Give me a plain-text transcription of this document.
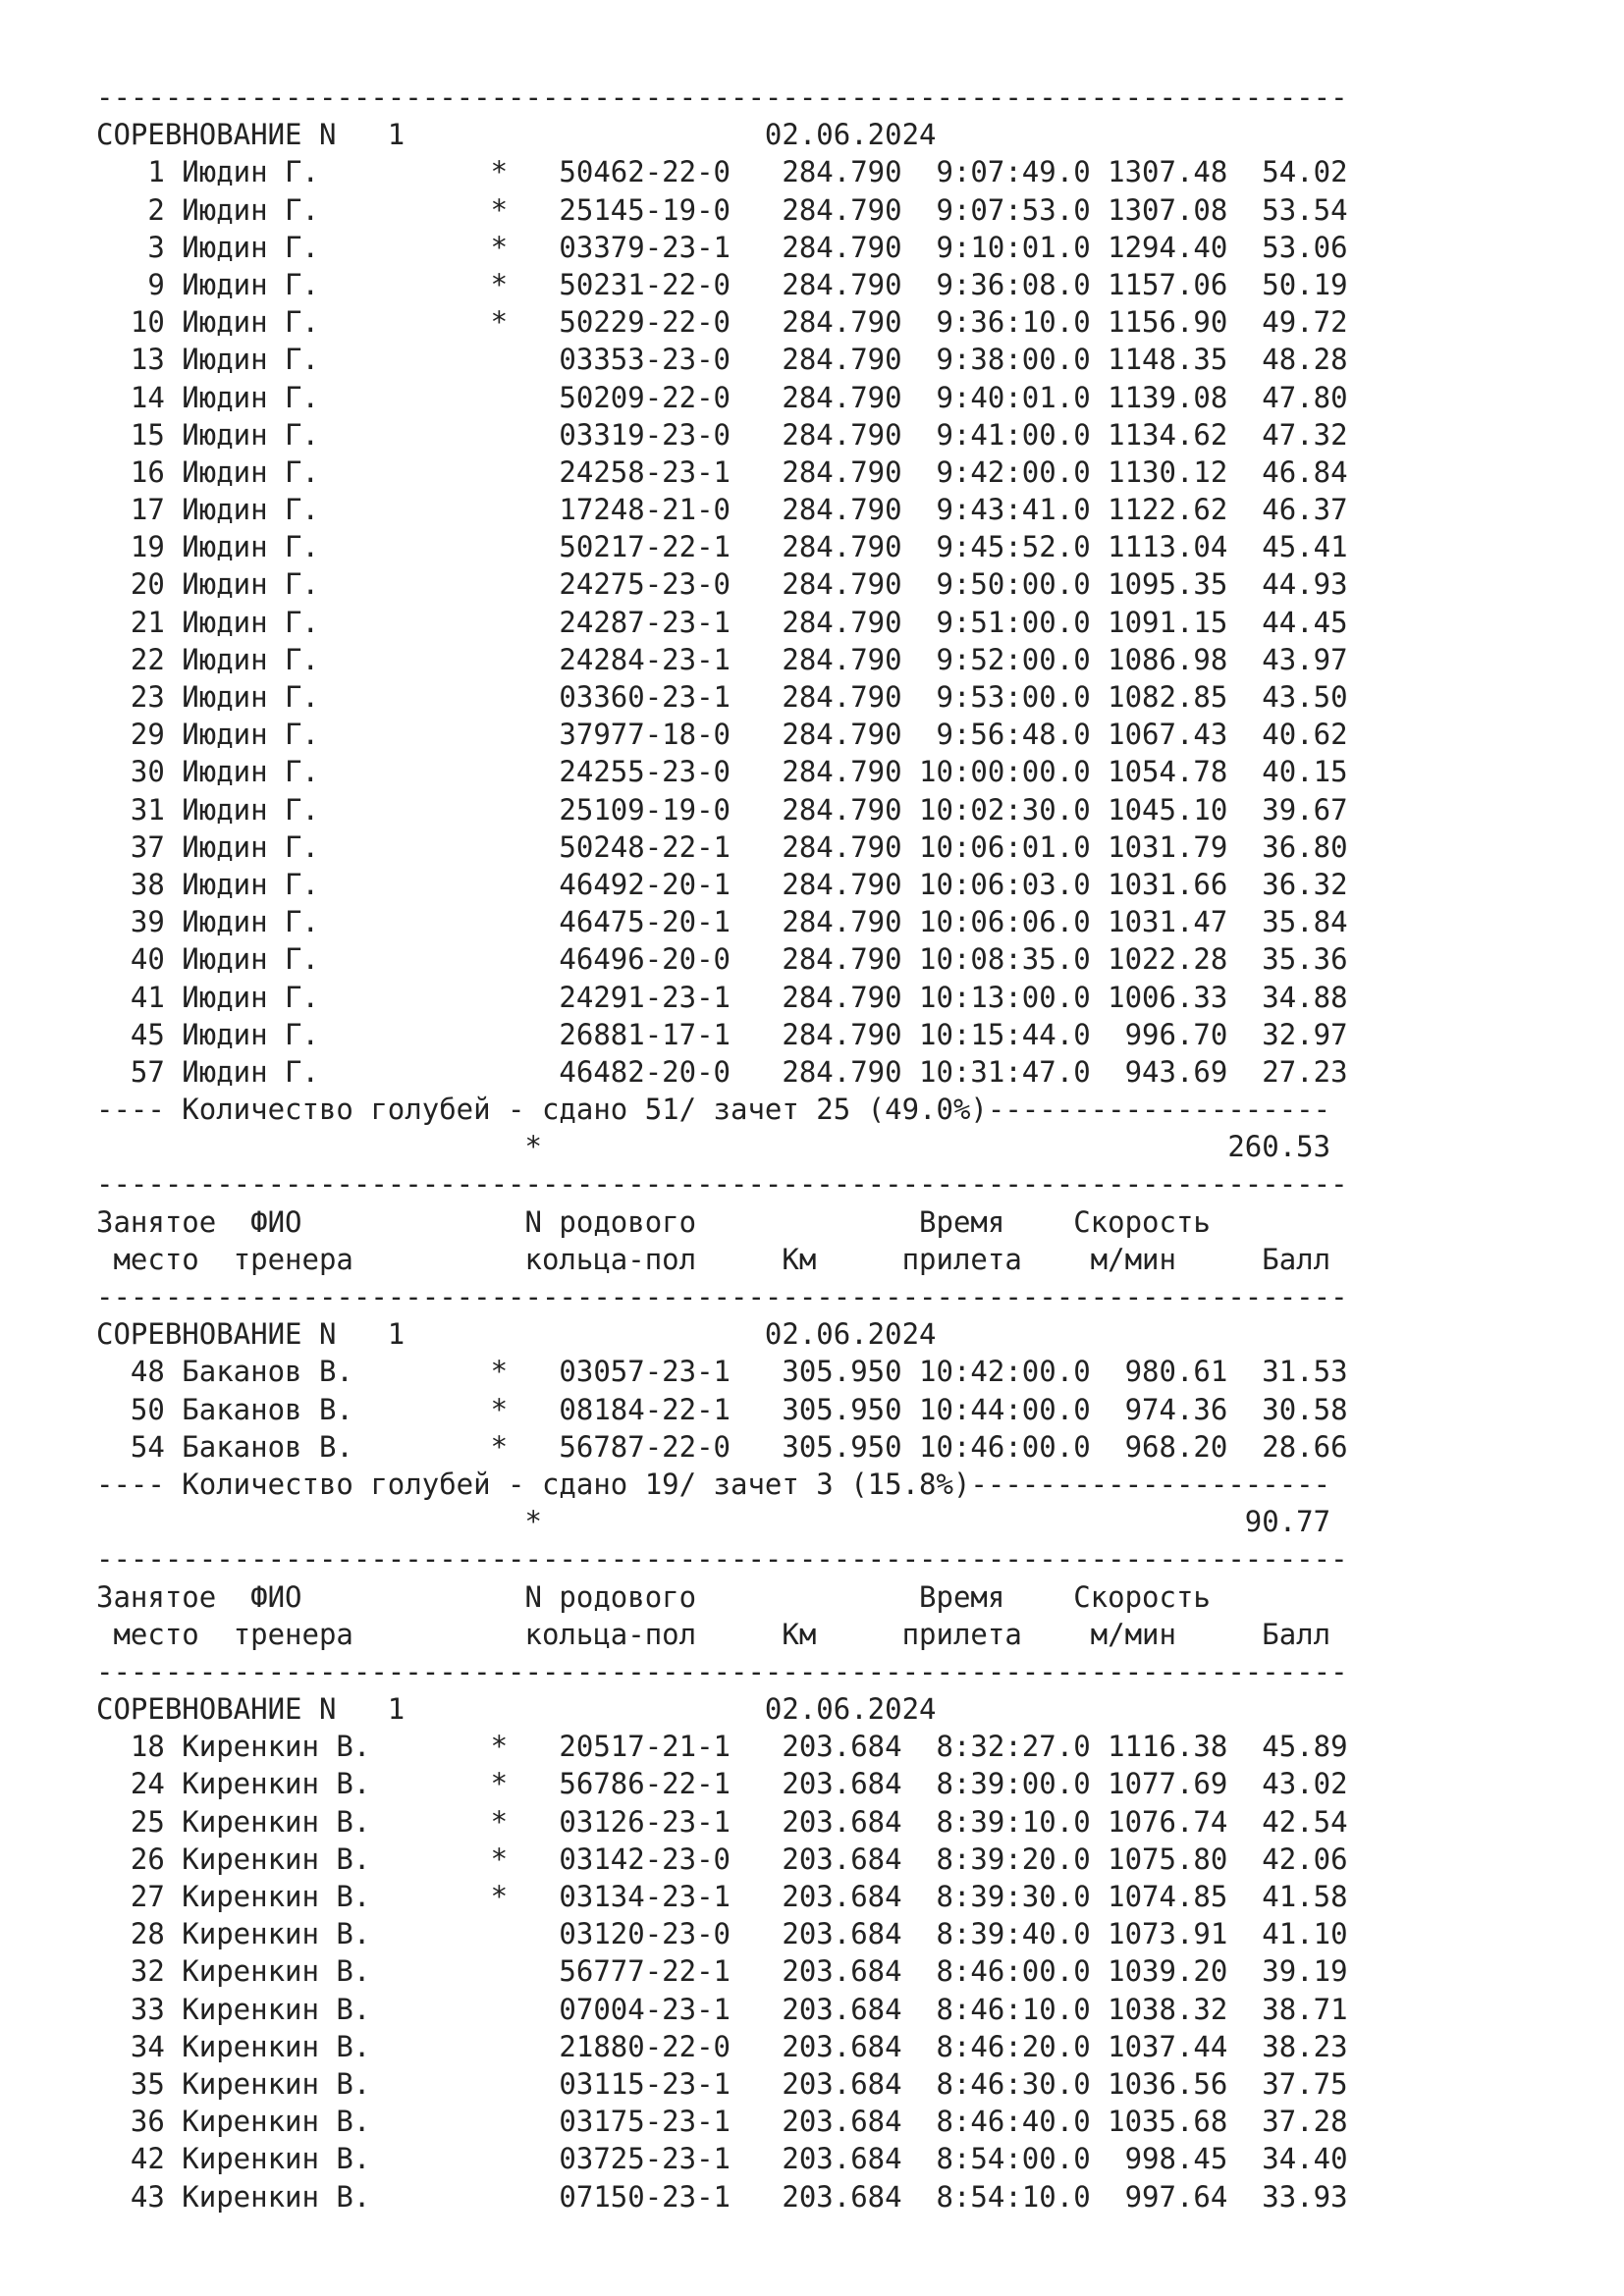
-------------------------------------------------------------------------
СОРЕВНОВАНИЕ N   1                     02.06.2024
1 Июдин Г.          *   50462-22-0   284.790  9:07:49.0 1307.48  54.02
2 Июдин Г.          *   25145-19-0   284.790  9:07:53.0 1307.08  53.54
3 Июдин Г.          *   03379-23-1   284.790  9:10:01.0 1294.40  53.06
9 Июдин Г.          *   50231-22-0   284.790  9:36:08.0 1157.06  50.19
10 Июдин Г.          *   50229-22-0   284.790  9:36:10.0 1156.90  49.72
13 Июдин Г.              03353-23-0   284.790  9:38:00.0 1148.35  48.28
14 Июдин Г.              50209-22-0   284.790  9:40:01.0 1139.08  47.80
15 Июдин Г.              03319-23-0   284.790  9:41:00.0 1134.62  47.32
16 Июдин Г.              24258-23-1   284.790  9:42:00.0 1130.12  46.84
17 Июдин Г.              17248-21-0   284.790  9:43:41.0 1122.62  46.37
19 Июдин Г.              50217-22-1   284.790  9:45:52.0 1113.04  45.41
20 Июдин Г.              24275-23-0   284.790  9:50:00.0 1095.35  44.93
21 Июдин Г.              24287-23-1   284.790  9:51:00.0 1091.15  44.45
22 Июдин Г.              24284-23-1   284.790  9:52:00.0 1086.98  43.97
23 Июдин Г.              03360-23-1   284.790  9:53:00.0 1082.85  43.50
29 Июдин Г.              37977-18-0   284.790  9:56:48.0 1067.43  40.62
30 Июдин Г.              24255-23-0   284.790 10:00:00.0 1054.78  40.15
31 Июдин Г.              25109-19-0   284.790 10:02:30.0 1045.10  39.67
37 Июдин Г.              50248-22-1   284.790 10:06:01.0 1031.79  36.80
38 Июдин Г.              46492-20-1   284.790 10:06:03.0 1031.66  36.32
39 Июдин Г.              46475-20-1   284.790 10:06:06.0 1031.47  35.84
40 Июдин Г.              46496-20-0   284.790 10:08:35.0 1022.28  35.36
41 Июдин Г.              24291-23-1   284.790 10:13:00.0 1006.33  34.88
45 Июдин Г.              26881-17-1   284.790 10:15:44.0  996.70  32.97
57 Июдин Г.              46482-20-0   284.790 10:31:47.0  943.69  27.23
---- Количество голубей - сдано 51/ зачет 25 (49.0%)--------------------
*                                        260.53
-------------------------------------------------------------------------
Занятое  ФИО             N родового             Время    Скорость
место  тренера          кольца-пол     Км     прилета    м/мин     Балл
-------------------------------------------------------------------------
СОРЕВНОВАНИЕ N   1                     02.06.2024
48 Баканов В.        *   03057-23-1   305.950 10:42:00.0  980.61  31.53
50 Баканов В.        *   08184-22-1   305.950 10:44:00.0  974.36  30.58
54 Баканов В.        *   56787-22-0   305.950 10:46:00.0  968.20  28.66
---- Количество голубей - сдано 19/ зачет 3 (15.8%)---------------------
*                                         90.77
-------------------------------------------------------------------------
Занятое  ФИО             N родового             Время    Скорость
место  тренера          кольца-пол     Км     прилета    м/мин     Балл
-------------------------------------------------------------------------
СОРЕВНОВАНИЕ N   1                     02.06.2024
18 Киренкин В.       *   20517-21-1   203.684  8:32:27.0 1116.38  45.89
24 Киренкин В.       *   56786-22-1   203.684  8:39:00.0 1077.69  43.02
25 Киренкин В.       *   03126-23-1   203.684  8:39:10.0 1076.74  42.54
26 Киренкин В.       *   03142-23-0   203.684  8:39:20.0 1075.80  42.06
27 Киренкин В.       *   03134-23-1   203.684  8:39:30.0 1074.85  41.58
28 Киренкин В.           03120-23-0   203.684  8:39:40.0 1073.91  41.10
32 Киренкин В.           56777-22-1   203.684  8:46:00.0 1039.20  39.19
33 Киренкин В.           07004-23-1   203.684  8:46:10.0 1038.32  38.71
34 Киренкин В.           21880-22-0   203.684  8:46:20.0 1037.44  38.23
35 Киренкин В.           03115-23-1   203.684  8:46:30.0 1036.56  37.75
36 Киренкин В.           03175-23-1   203.684  8:46:40.0 1035.68  37.28
42 Киренкин В.           03725-23-1   203.684  8:54:00.0  998.45  34.40
43 Киренкин В.           07150-23-1   203.684  8:54:10.0  997.64  33.93
